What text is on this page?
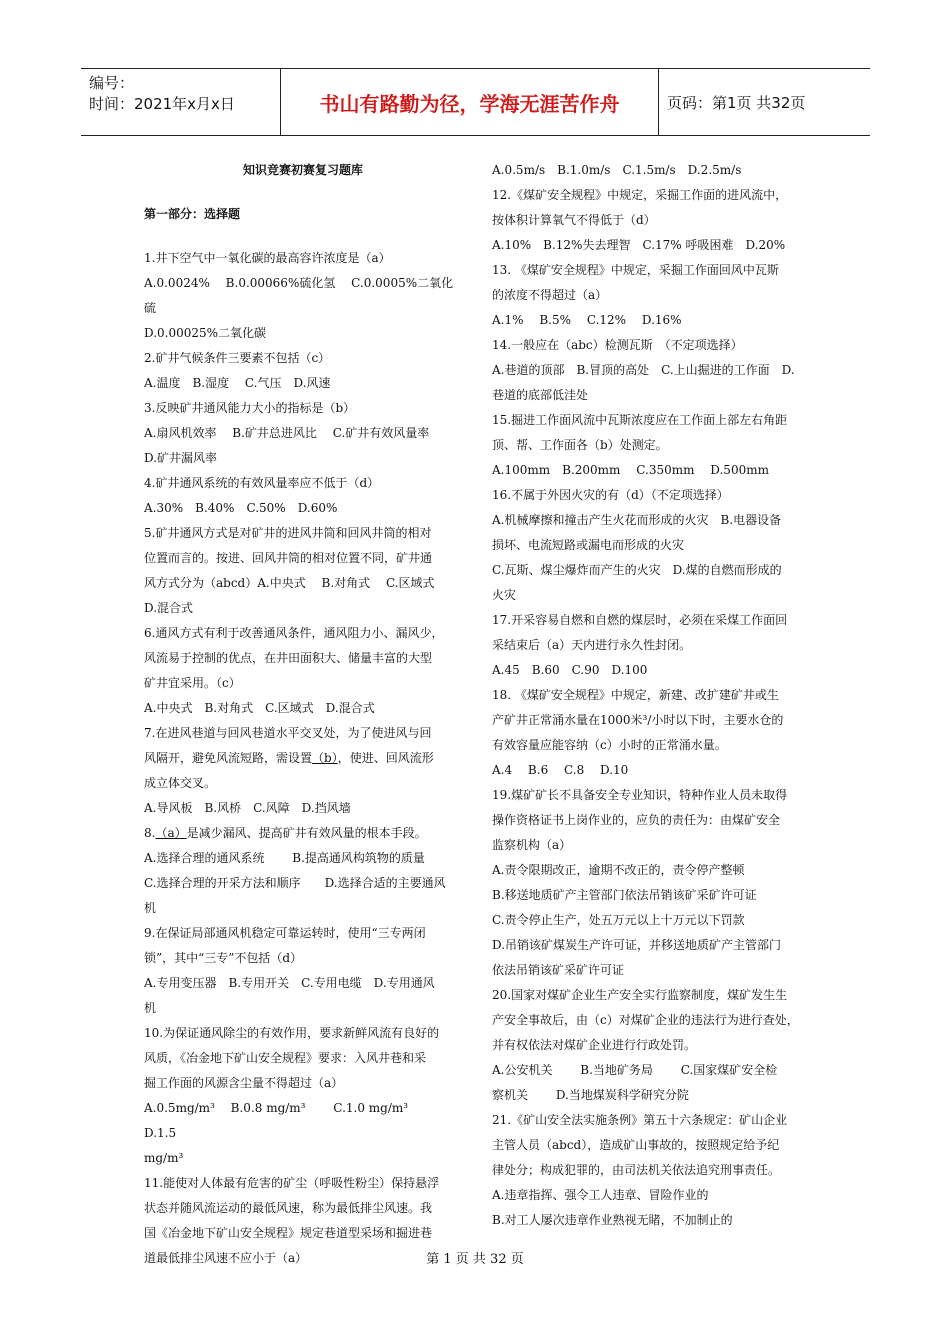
编号：
时间：2021年x月x日	书山有路勤为径，学海无涯苦作舟	页码：第1页 共32页

知识竞赛初赛复习题库

第一部分：选择题

1.井下空气中一氧化碳的最高容许浓度是（a）

A.0.0024%　 B.0.00066%硫化氢　 C.0.0005%二氧化硫

D.0.00025%二氧化碳

2.矿井气候条件三要素不包括（c）

A.温度　B.湿度　 C.气压　D.风速

3.反映矿井通风能力大小的指标是（b）

A.扇风机效率　 B.矿井总进风比　 C.矿井有效风量率

D.矿井漏风率

4.矿井通风系统的有效风量率应不低于（d）

A.30%　B.40%　C.50%　D.60%

5.矿井通风方式是对矿井的进风井筒和回风井筒的相对

位置而言的。按进、回风井筒的相对位置不同，矿井通

风方式分为（abcd）A.中央式　 B.对角式　 C.区域式

D.混合式

6.通风方式有利于改善通风条件，通风阻力小、漏风少，

风流易于控制的优点，在井田面积大、储量丰富的大型

矿井宜采用。（c）

A.中央式　B.对角式　C.区域式　D.混合式

7.在进风巷道与回风巷道水平交叉处，为了使进风与回

风隔开，避免风流短路，需设置（b），使进、回风流形

成立体交叉。

A.导风板　B.风桥　C.风障　D.挡风墙

8.（a）是减少漏风、提高矿井有效风量的根本手段。

A.选择合理的通风系统　　 B.提高通风构筑物的质量

C.选择合理的开采方法和顺序　　D.选择合适的主要通风

机

9.在保证局部通风机稳定可靠运转时，使用“三专两闭

锁”，其中“三专”不包括（d）

A.专用变压器　B.专用开关　C.专用电缆　D.专用通风

机

10.为保证通风除尘的有效作用，要求新鲜风流有良好的

风质，《冶金地下矿山安全规程》要求：入风井巷和采

掘工作面的风源含尘量不得超过（a）

A.0.5mg/m³　 B.0.8 mg/m³　　 C.1.0 mg/m³　　 D.1.5

mg/m³

11.能使对人体最有危害的矿尘（呼吸性粉尘）保持悬浮

状态并随风流运动的最低风速，称为最低排尘风速。我

国《冶金地下矿山安全规程》规定巷道型采场和掘进巷

道最低排尘风速不应小于（a）

A.0.5m/s　B.1.0m/s　C.1.5m/s　D.2.5m/s

12.《煤矿安全规程》中规定，采掘工作面的进风流中，

按体积计算氧气不得低于（d）

A.10%　B.12%失去理智　C.17% 呼吸困难　D.20%

13. 《煤矿安全规程》中规定，采掘工作面回风中瓦斯

的浓度不得超过（a）

A.1%　 B.5%　 C.12%　 D.16%

14.一般应在（abc）检测瓦斯　（不定项选择）

A.巷道的顶部　B.冒顶的高处　C.上山掘进的工作面　D.

巷道的底部低洼处

15.掘进工作面风流中瓦斯浓度应在工作面上部左右角距

顶、帮、工作面各（b）处测定。

A.100mm　B.200mm　 C.350mm　 D.500mm

16.不属于外因火灾的有（d）（不定项选择）

A.机械摩擦和撞击产生火花而形成的火灾　B.电器设备

损坏、电流短路或漏电而形成的火灾

C.瓦斯、煤尘爆炸而产生的火灾　D.煤的自燃而形成的

火灾

17.开采容易自燃和自燃的煤层时，必须在采煤工作面回

采结束后（a）天内进行永久性封闭。

A.45　B.60　C.90　D.100

18. 《煤矿安全规程》中规定，新建、改扩建矿井或生

产矿井正常涌水量在1000米³/小时以下时，主要水仓的

有效容量应能容纳（c）小时的正常涌水量。

A.4　 B.6　 C.8　 D.10

19.煤矿矿长不具备安全专业知识，特种作业人员未取得

操作资格证书上岗作业的，应负的责任为：由煤矿安全

监察机构（a）

A.责令限期改正，逾期不改正的，责令停产整顿

B.移送地质矿产主管部门依法吊销该矿采矿许可证

C.责令停止生产，处五万元以上十万元以下罚款

D.吊销该矿煤炭生产许可证，并移送地质矿产主管部门

依法吊销该矿采矿许可证

20.国家对煤矿企业生产安全实行监察制度，煤矿发生生

产安全事故后，由（c）对煤矿企业的违法行为进行查处，

并有权依法对煤矿企业进行行政处罚。

A.公安机关　　 B.当地矿务局　　 C.国家煤矿安全检

察机关　　 D.当地煤炭科学研究分院

21.《矿山安全法实施条例》第五十六条规定：矿山企业

主管人员（abcd），造成矿山事故的，按照规定给予纪

律处分；构成犯罪的，由司法机关依法追究刑事责任。

A.违章指挥、强令工人违章、冒险作业的

B.对工人屡次违章作业熟视无睹，不加制止的

第 1 页 共 32 页
